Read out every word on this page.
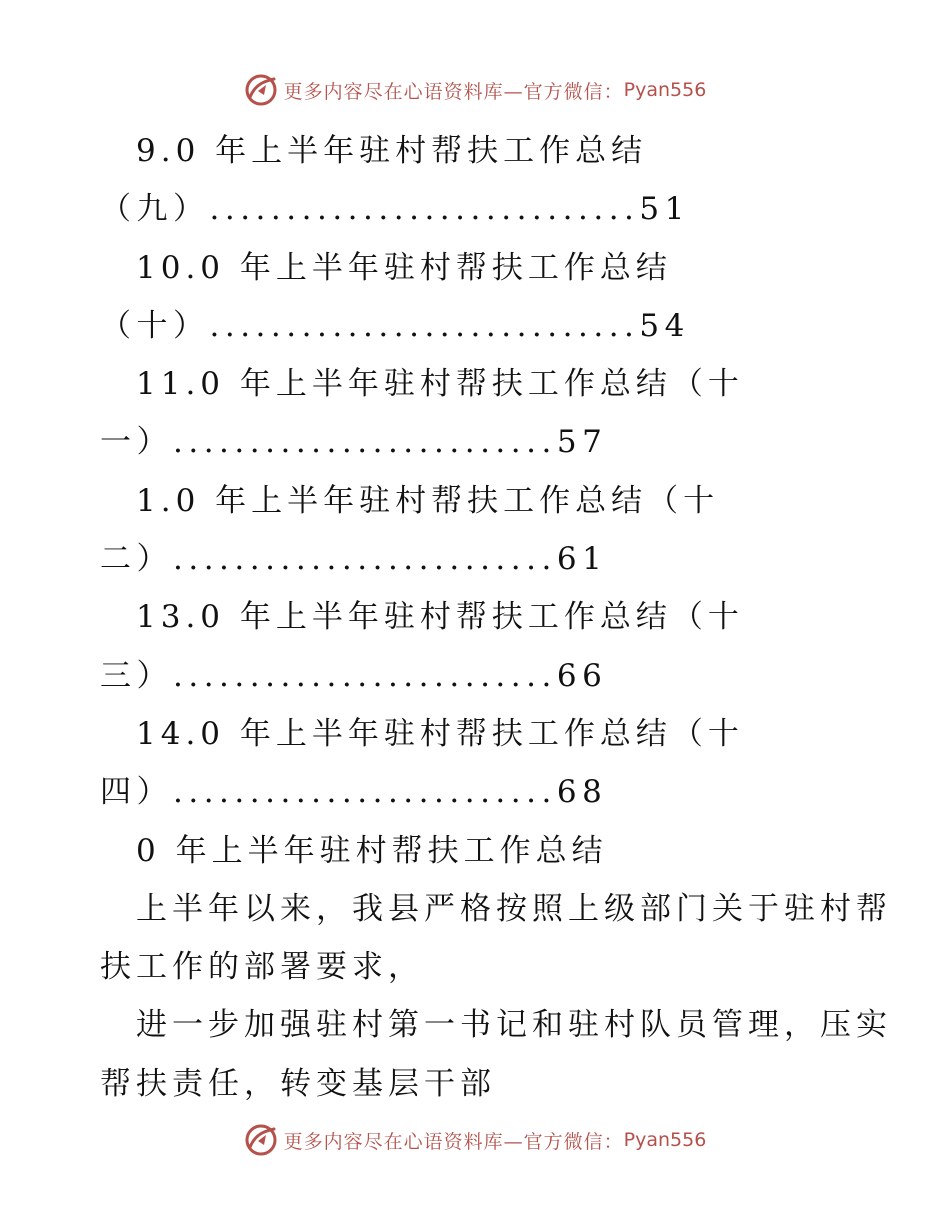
更多内容尽在心语资料库—官方微信： Pyan556
9.0 年上半年驻村帮扶工作总结
（九）............................51
10.0 年上半年驻村帮扶工作总结
（十）............................54
11.0 年上半年驻村帮扶工作总结（十
一）.........................57
1.0 年上半年驻村帮扶工作总结（十
二）.........................61
13.0 年上半年驻村帮扶工作总结（十
三）.........................66
14.0 年上半年驻村帮扶工作总结（十
四）.........................68
0 年上半年驻村帮扶工作总结
上半年以来，我县严格按照上级部门关于驻村帮
扶工作的部署要求，
进一步加强驻村第一书记和驻村队员管理，压实
帮扶责任，转变基层干部
更多内容尽在心语资料库—官方微信： Pyan556
